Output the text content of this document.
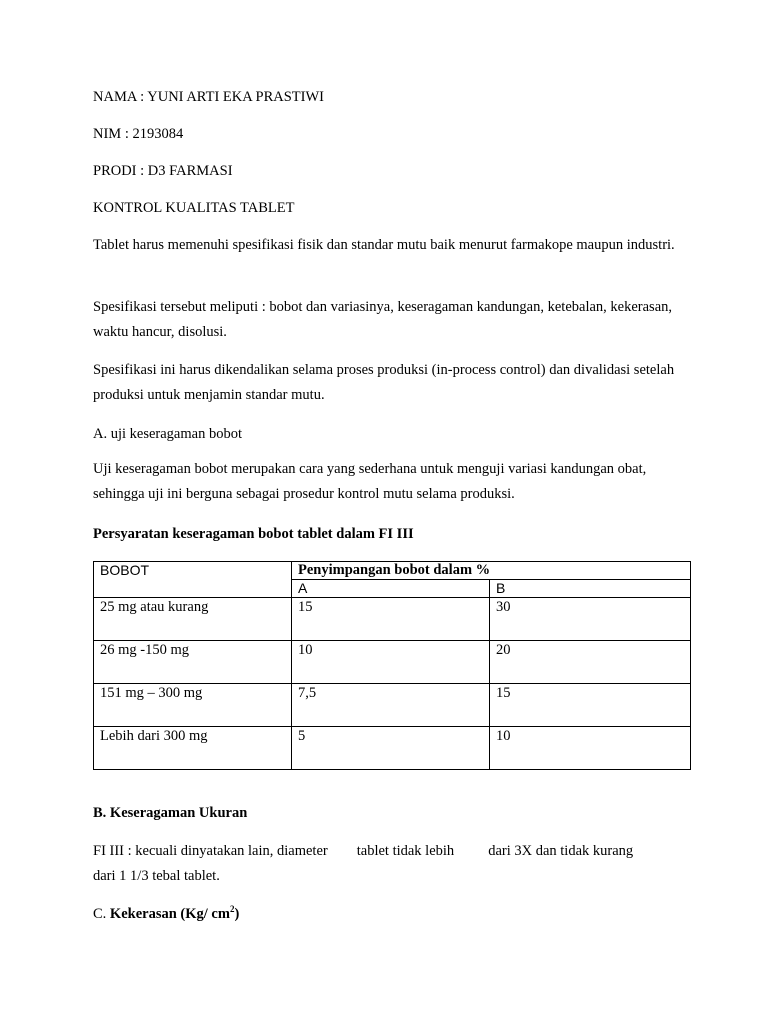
NAMA : YUNI ARTI EKA PRASTIWI
NIM : 2193084
PRODI : D3 FARMASI
KONTROL KUALITAS TABLET
Tablet harus memenuhi spesifikasi fisik dan standar mutu baik menurut farmakope maupun industri.
Spesifikasi tersebut meliputi : bobot dan variasinya, keseragaman kandungan, ketebalan, kekerasan, waktu hancur, disolusi.
Spesifikasi ini harus dikendalikan selama proses produksi (in-process control) dan divalidasi setelah produksi untuk menjamin standar mutu.
A. uji keseragaman bobot
Uji keseragaman bobot merupakan cara yang sederhana untuk menguji variasi kandungan obat, sehingga uji ini berguna sebagai prosedur kontrol mutu selama produksi.
Persyaratan keseragaman bobot tablet dalam FI III
BOBOT	Penyimpangan bobot dalam %	
	A	B
25 mg atau kurang	15	30
26 mg -150 mg	10	20
151 mg – 300 mg	7,5	15
Lebih dari 300 mg	5	10
B. Keseragaman Ukuran
FI III : kecuali dinyatakan lain, diameter tablet tidak lebih dari 3X dan tidak kurang
dari 1 1/3 tebal tablet.
C. Kekerasan (Kg/ $cm^2$)
